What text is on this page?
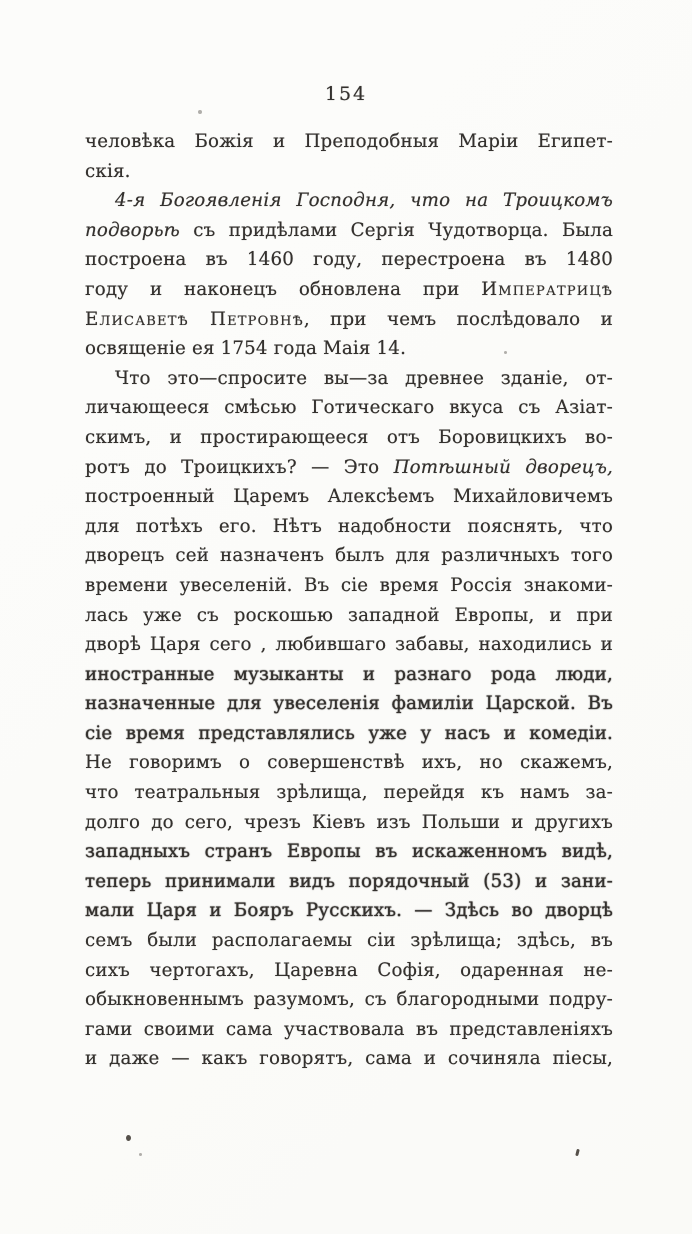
154
человѣка Божія и Преподобныя Маріи Египет-
скія.
4-я Богоявленія Господня, что на Троицкомъ
подворьѣ съ придѣлами Сергія Чудотворца. Была
построена въ 1460 году, перестроена въ 1480
году и наконецъ обновлена при Императрицѣ
Елисаветѣ Петровнѣ, при чемъ послѣдовало и
освященіе ея 1754 года Маія 14.
Что это—спросите вы—за древнее зданіе, от-
личающееся смѣсью Готическаго вкуса съ Азіат-
скимъ, и простирающееся отъ Боровицкихъ во-
ротъ до Троицкихъ? — Это Потѣшный дворецъ,
построенный Царемъ Алексѣемъ Михайловичемъ
для потѣхъ его. Нѣтъ надобности пояснять, что
дворецъ сей назначенъ былъ для различныхъ того
времени увеселеній. Въ сіе время Россія знакоми-
лась уже съ роскошью западной Европы, и при
дворѣ Царя сего , любившаго забавы, находились и
иностранные музыканты и разнаго рода люди,
назначенные для увеселенія фамиліи Царской. Въ
сіе время представлялись уже у насъ и комедіи.
Не говоримъ о совершенствѣ ихъ, но скажемъ,
что театральныя зрѣлища, перейдя къ намъ за-
долго до сего, чрезъ Кіевъ изъ Польши и другихъ
западныхъ странъ Европы въ искаженномъ видѣ,
теперь принимали видъ порядочный (53) и зани-
мали Царя и Бояръ Русскихъ. — Здѣсь во дворцѣ
семъ были располагаемы сіи зрѣлища; здѣсь, въ
сихъ чертогахъ, Царевна Софія, одаренная не-
обыкновеннымъ разумомъ, съ благородными подру-
гами своими сама участвовала въ представленіяхъ
и даже — какъ говорятъ, сама и сочиняла піесы,
